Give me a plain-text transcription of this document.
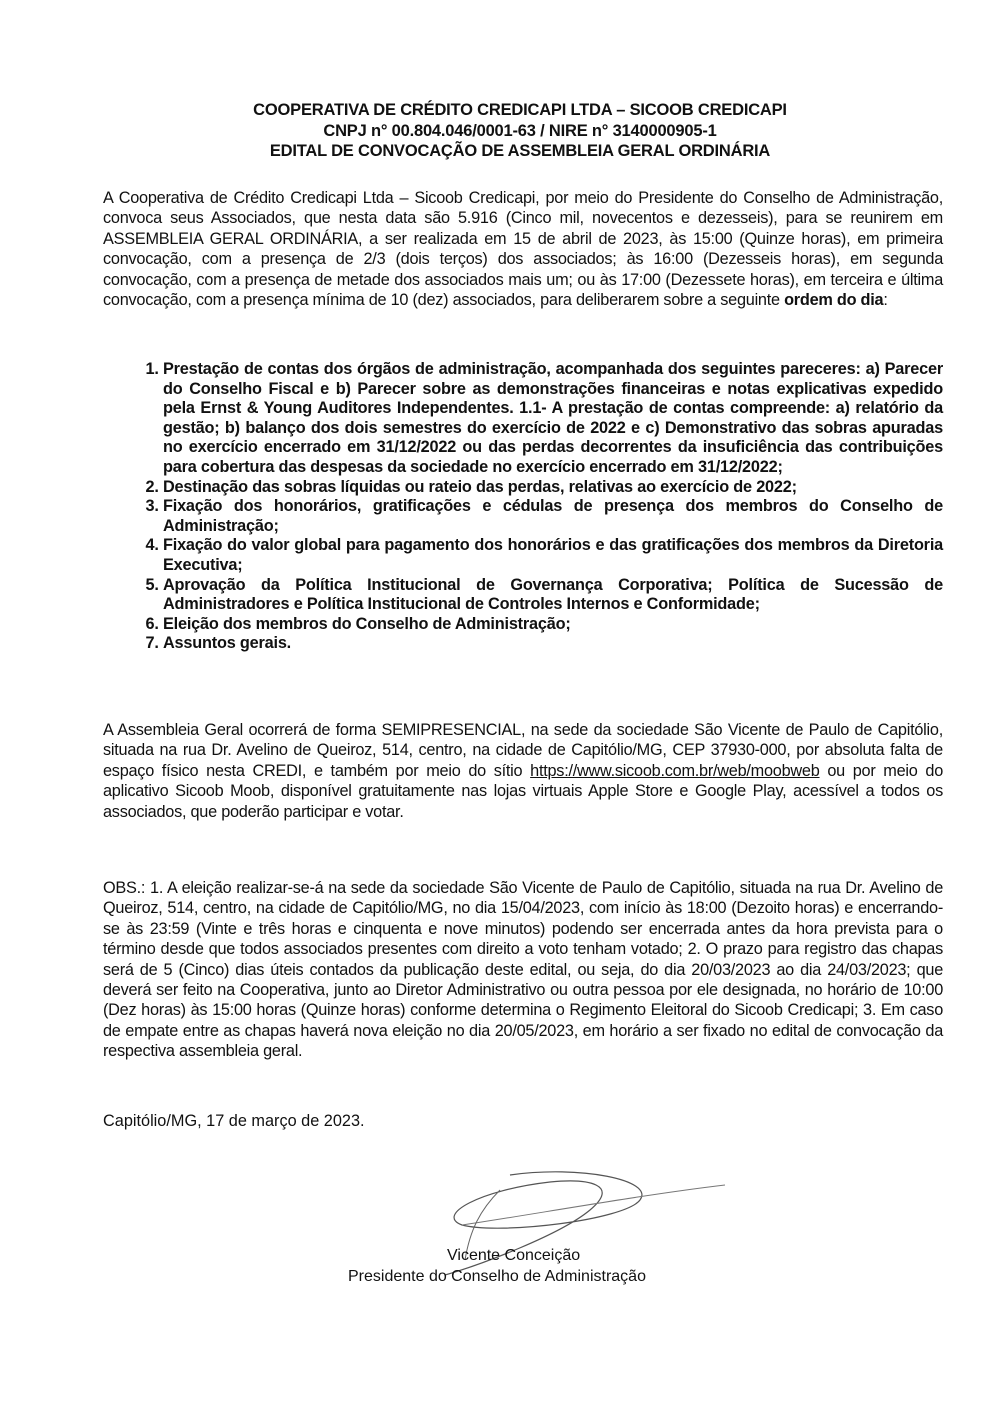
COOPERATIVA DE CRÉDITO CREDICAPI LTDA – SICOOB CREDICAPI
CNPJ n° 00.804.046/0001-63 / NIRE n° 3140000905-1
EDITAL DE CONVOCAÇÃO DE ASSEMBLEIA GERAL ORDINÁRIA

A Cooperativa de Crédito Credicapi Ltda – Sicoob Credicapi, por meio do Presidente do Conselho de Administração, convoca seus Associados, que nesta data são 5.916 (Cinco mil, novecentos e dezesseis), para se reunirem em ASSEMBLEIA GERAL ORDINÁRIA, a ser realizada em 15 de abril de 2023, às 15:00 (Quinze horas), em primeira convocação, com a presença de 2/3 (dois terços) dos associados; às 16:00 (Dezesseis horas), em segunda convocação, com a presença de metade dos associados mais um; ou às 17:00 (Dezessete horas), em terceira e última convocação, com a presença mínima de 10 (dez) associados, para deliberarem sobre a seguinte ordem do dia:

1. Prestação de contas dos órgãos de administração, acompanhada dos seguintes pareceres: a) Parecer do Conselho Fiscal e b) Parecer sobre as demonstrações financeiras e notas explicativas expedido pela Ernst & Young Auditores Independentes. 1.1- A prestação de contas compreende: a) relatório da gestão; b) balanço dos dois semestres do exercício de 2022 e c) Demonstrativo das sobras apuradas no exercício encerrado em 31/12/2022 ou das perdas decorrentes da insuficiência das contribuições para cobertura das despesas da sociedade no exercício encerrado em 31/12/2022;
2. Destinação das sobras líquidas ou rateio das perdas, relativas ao exercício de 2022;
3. Fixação dos honorários, gratificações e cédulas de presença dos membros do Conselho de Administração;
4. Fixação do valor global para pagamento dos honorários e das gratificações dos membros da Diretoria Executiva;
5. Aprovação da Política Institucional de Governança Corporativa; Política de Sucessão de Administradores e Política Institucional de Controles Internos e Conformidade;
6. Eleição dos membros do Conselho de Administração;
7. Assuntos gerais.

A Assembleia Geral ocorrerá de forma SEMIPRESENCIAL, na sede da sociedade São Vicente de Paulo de Capitólio, situada na rua Dr. Avelino de Queiroz, 514, centro, na cidade de Capitólio/MG, CEP 37930-000, por absoluta falta de espaço físico nesta CREDI, e também por meio do sítio https://www.sicoob.com.br/web/moobweb ou por meio do aplicativo Sicoob Moob, disponível gratuitamente nas lojas virtuais Apple Store e Google Play, acessível a todos os associados, que poderão participar e votar.

OBS.: 1. A eleição realizar-se-á na sede da sociedade São Vicente de Paulo de Capitólio, situada na rua Dr. Avelino de Queiroz, 514, centro, na cidade de Capitólio/MG, no dia 15/04/2023, com início às 18:00 (Dezoito horas) e encerrando-se às 23:59 (Vinte e três horas e cinquenta e nove minutos) podendo ser encerrada antes da hora prevista para o término desde que todos associados presentes com direito a voto tenham votado; 2. O prazo para registro das chapas será de 5 (Cinco) dias úteis contados da publicação deste edital, ou seja, do dia 20/03/2023 ao dia 24/03/2023; que deverá ser feito na Cooperativa, junto ao Diretor Administrativo ou outra pessoa por ele designada, no horário de 10:00 (Dez horas) às 15:00 horas (Quinze horas) conforme determina o Regimento Eleitoral do Sicoob Credicapi; 3. Em caso de empate entre as chapas haverá nova eleição no dia 20/05/2023, em horário a ser fixado no edital de convocação da respectiva assembleia geral.

Capitólio/MG, 17 de março de 2023.
Vicente Conceição
Presidente do Conselho de Administração
